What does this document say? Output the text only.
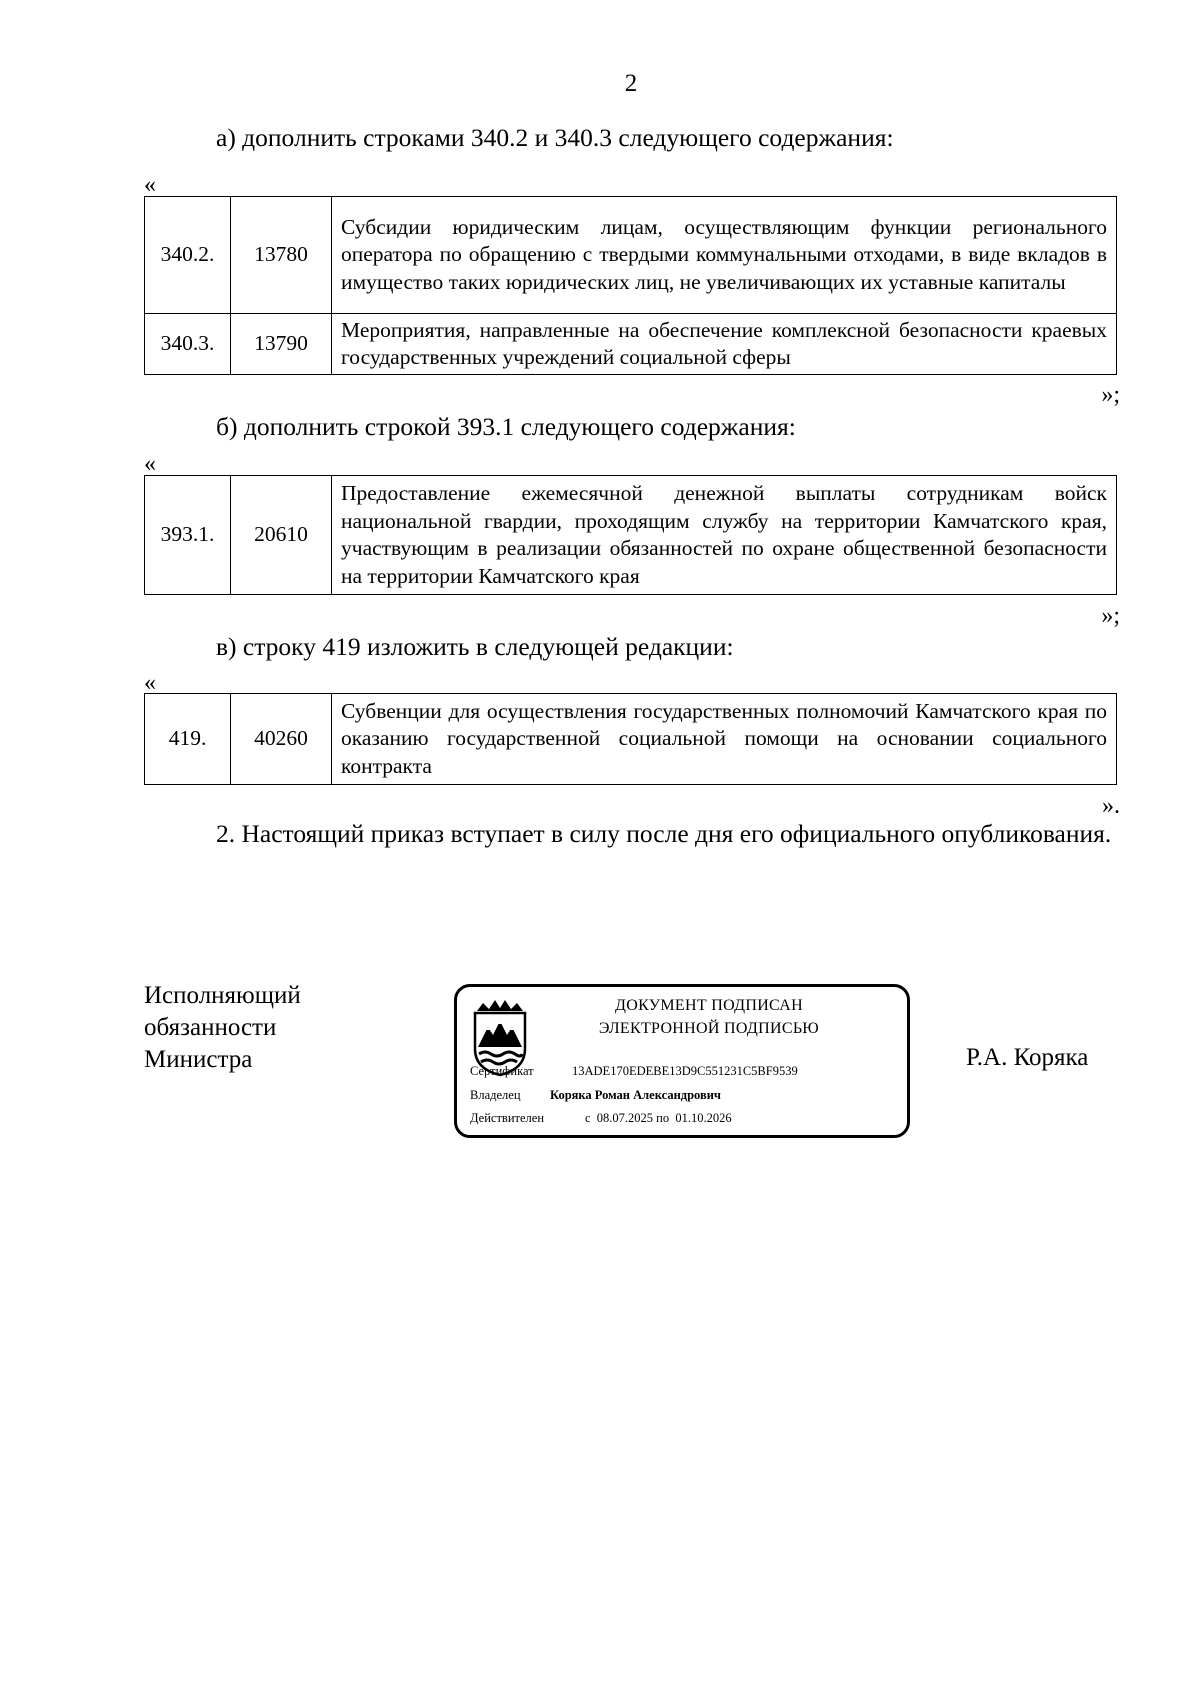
2
а) дополнить строками 340.2 и 340.3 следующего содержания:
«
340.2.	13780	Субсидии юридическим лицам, осуществляющим функции регионального оператора по обращению с твердыми коммунальными отходами, в виде вкладов в имущество таких юридических лиц, не увеличивающих их уставные капиталы
340.3.	13790	Мероприятия, направленные на обеспечение комплексной безопасности краевых государственных учреждений социальной сферы
»;
б) дополнить строкой 393.1 следующего содержания:
«
393.1.	20610	Предоставление ежемесячной денежной выплаты сотрудникам войск национальной гвардии, проходящим службу на территории Камчатского края, участвующим в реализации обязанностей по охране общественной безопасности на территории Камчатского края
»;
в) строку 419 изложить в следующей редакции:
«
419.	40260	Субвенции для осуществления государственных полномочий Камчатского края по оказанию государственной социальной помощи на основании социального контракта
».
2. Настоящий приказ вступает в силу после дня его официального опубликования.
Исполняющий
обязанности
Министра	Р.А. Коряка
ДОКУМЕНТ ПОДПИСАН
ЭЛЕКТРОННОЙ ПОДПИСЬЮ
Сертификат	13ADE170EDEBE13D9C551231C5BF9539
Владелец Коряка Роман Александрович
Действителен	с  08.07.2025 по  01.10.2026
